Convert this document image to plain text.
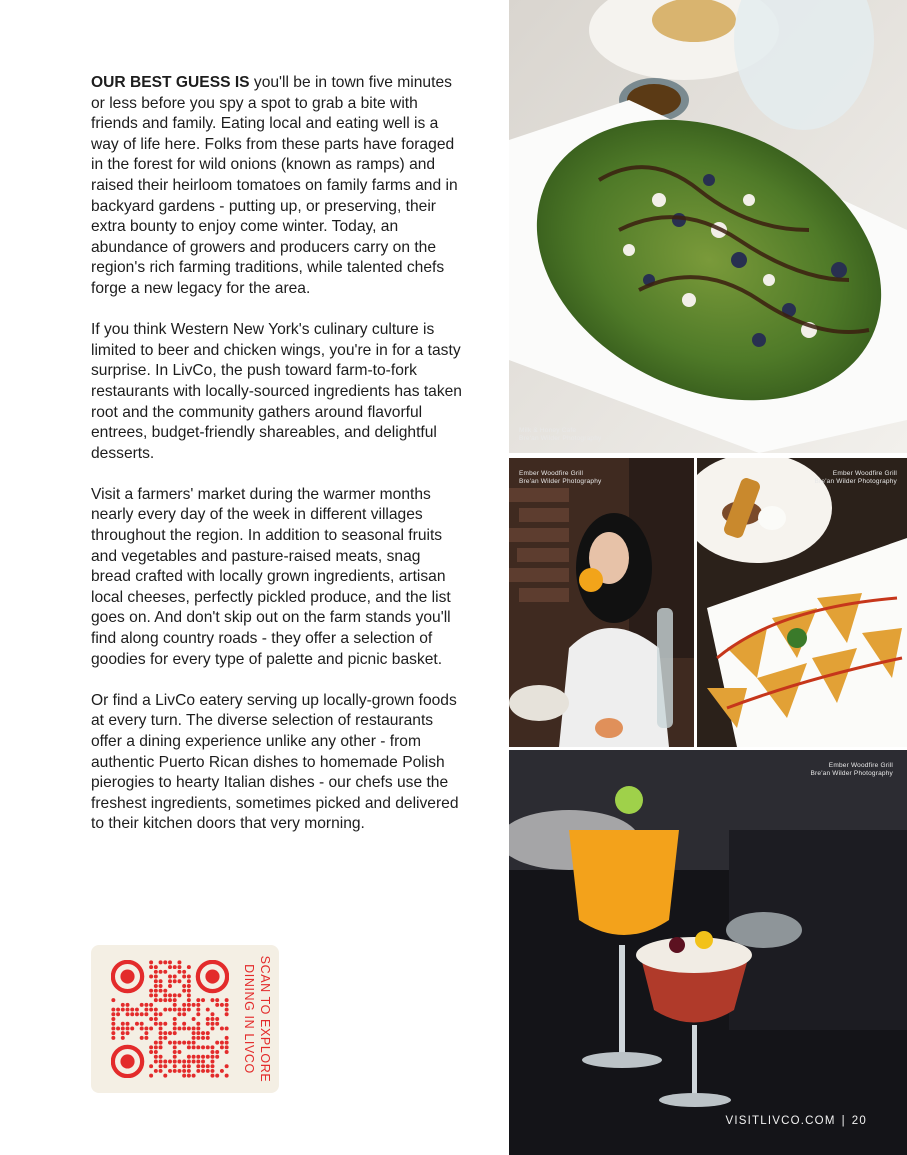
OUR BEST GUESS IS you'll be in town five minutes or less before you spy a spot to grab a bite with friends and family. Eating local and eating well is a way of life here. Folks from these parts have foraged in the forest for wild onions (known as ramps) and raised their heirloom tomatoes on family farms and in backyard gardens - putting up, or preserving, their extra bounty to enjoy come winter. Today, an abundance of growers and producers carry on the region's rich farming traditions, while talented chefs forge a new legacy for the area.

If you think Western New York's culinary culture is limited to beer and chicken wings, you're in for a tasty surprise. In LivCo, the push toward farm-to-fork restaurants with locally-sourced ingredients has taken root and the community gathers around flavorful entrees, budget-friendly shareables, and delightful desserts.

Visit a farmers' market during the warmer months nearly every day of the week in different villages throughout the region. In addition to seasonal fruits and vegetables and pasture-raised meats, snag bread crafted with locally grown ingredients, artisan local cheeses, perfectly pickled produce, and the list goes on. And don't skip out on the farm stands you'll find along country roads - they offer a selection of goodies for every type of palette and picnic basket.

Or find a LivCo eatery serving up locally-grown foods at every turn. The diverse selection of restaurants offer a dining experience unlike any other - from authentic Puerto Rican dishes to homemade Polish pierogies to hearty Italian dishes - our chefs use the freshest ingredients, sometimes picked and delivered to their kitchen doors that very morning.

SCAN TO EXPLORE
DINING IN LIVCO
Milk & Honey Cafe
Bre'an Wilder Photography
Ember Woodfire Grill
Bre'an Wilder Photography
Ember Woodfire Grill
Bre'an Wilder Photography
Ember Woodfire Grill
Bre'an Wilder Photography
VISITLIVCO.COM | 20
